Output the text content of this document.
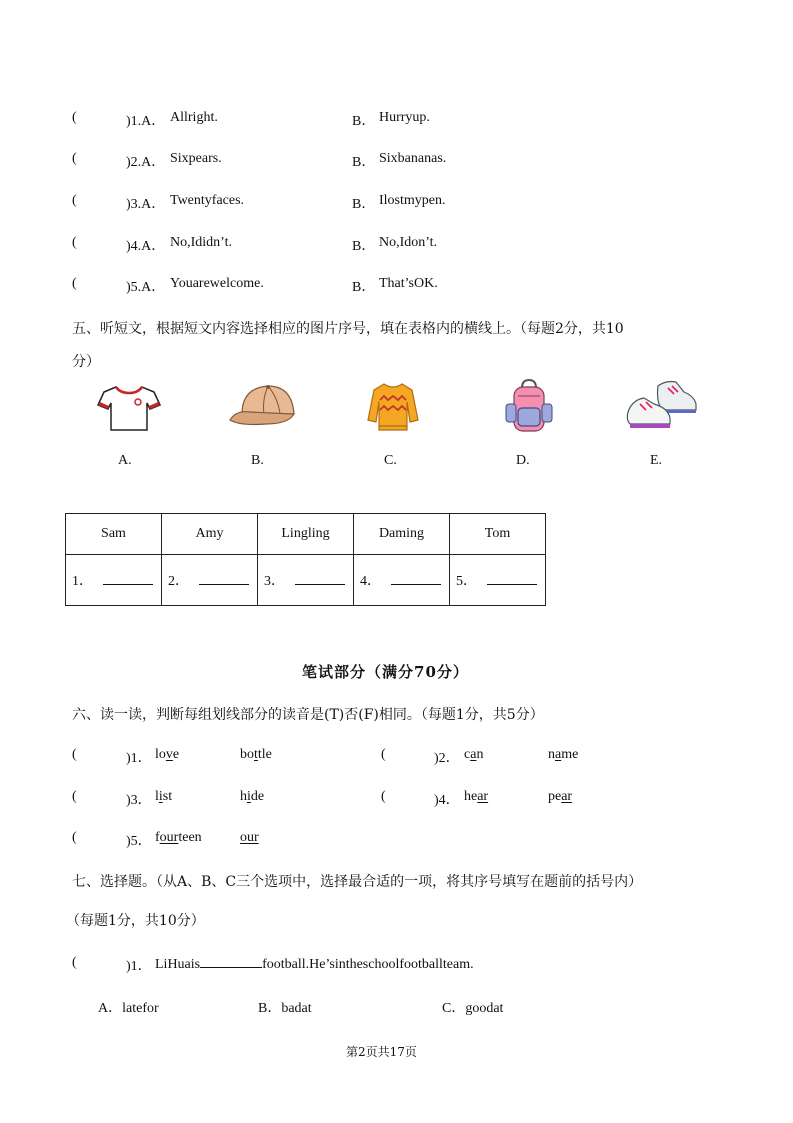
(	)1.A． Allright.	B． Hurryup.
(	)2.A． Sixpears.	B． Sixbananas.
(	)3.A． Twentyfaces.	B． Ilostmypen.
(	)4.A． No,Ididn’t.	B． No,Idon’t.
(	)5.A． Youarewelcome.	B． That’sOK.
五、听短文，根据短文内容选择相应的图片序号，填在表格内的横线上。（每题2分，共10
分）
A.	B.	C.	D.	E.
Sam	Amy	Lingling	Daming	Tom
1．	2．	3．	4．	5．
笔试部分（满分70分）
六、读一读，判断每组划线部分的读音是(T)否(F)相同。（每题1分，共5分）
(	)1． love	bottle	(	)2． can	name
(	)3． list	hide	(	)4． hear	pear
(	)5． fourteen	our
七、选择题。（从A、B、C三个选项中，选择最合适的一项，将其序号填写在题前的括号内）
（每题1分，共10分）
(	)1． LiHuais	football.He’sintheschoolfootballteam.
A．latefor	B．badat	C．goodat
第2页共17页
